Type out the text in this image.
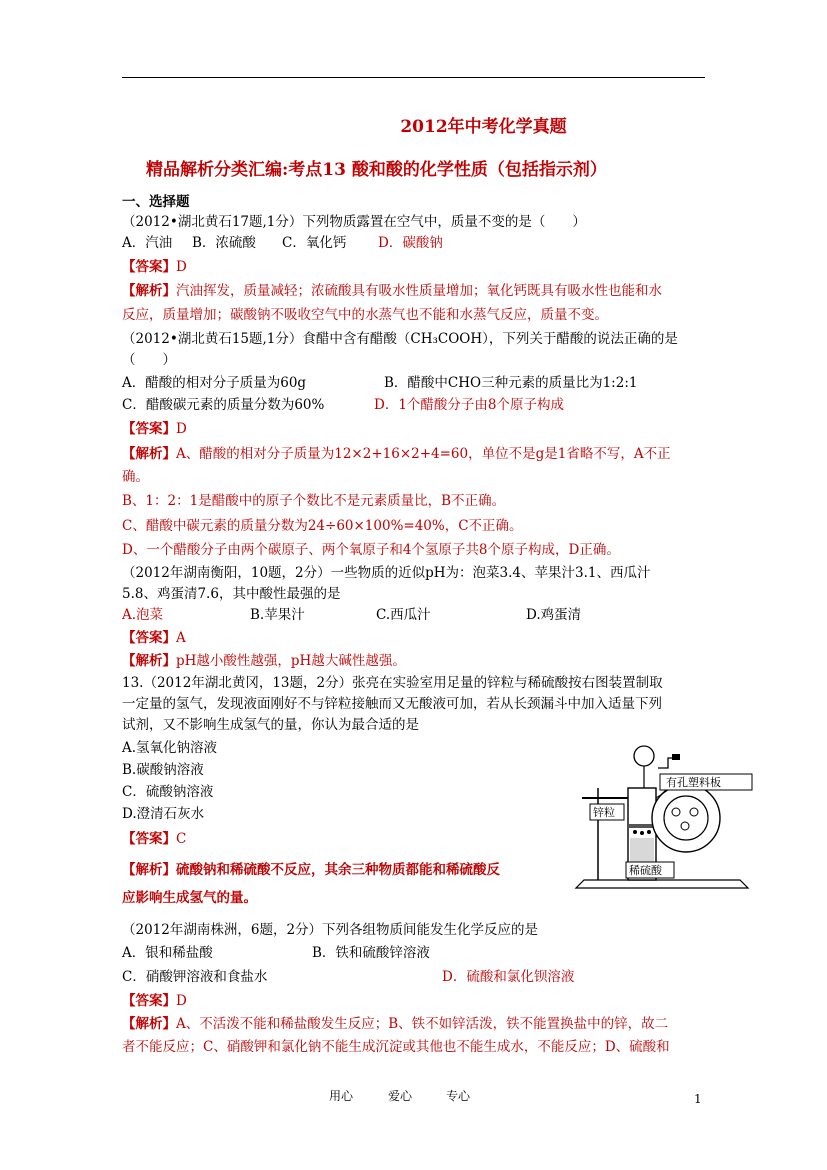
2012年中考化学真题
精品解析分类汇编:考点13 酸和酸的化学性质（包括指示剂）
一、选择题
（2012•湖北黄石17题,1分）下列物质露置在空气中，质量不变的是（　　）
A．汽油 B．浓硫酸 C．氧化钙 D．碳酸钠
【答案】D
【解析】汽油挥发，质量减轻；浓硫酸具有吸水性质量增加；氧化钙既具有吸水性也能和水
反应，质量增加；碳酸钠不吸收空气中的水蒸气也不能和水蒸气反应，质量不变。
（2012•湖北黄石15题,1分）食醋中含有醋酸（CH₃COOH），下列关于醋酸的说法正确的是
（　　）
A．醋酸的相对分子质量为60g	B．醋酸中CHO三种元素的质量比为1:2:1
C．醋酸碳元素的质量分数为60%	D．1个醋酸分子由8个原子构成
【答案】D
【解析】A、醋酸的相对分子质量为12×2+16×2+4=60，单位不是g是1省略不写，A不正
确。
B、1：2：1是醋酸中的原子个数比不是元素质量比，B不正确。
C、醋酸中碳元素的质量分数为24÷60×100%=40%，C不正确。
D、一个醋酸分子由两个碳原子、两个氧原子和4个氢原子共8个原子构成，D正确。
（2012年湖南衡阳，10题，2分）一些物质的近似pH为：泡菜3.4、苹果汁3.1、西瓜汁
5.8、鸡蛋清7.6，其中酸性最强的是
A.泡菜	B.苹果汁	C.西瓜汁	D.鸡蛋清
【答案】A
【解析】pH越小酸性越强，pH越大碱性越强。
13.（2012年湖北黄冈，13题，2分）张亮在实验室用足量的锌粒与稀硫酸按右图装置制取
一定量的氢气，发现液面刚好不与锌粒接触而又无酸液可加，若从长颈漏斗中加入适量下列
试剂，又不影响生成氢气的量，你认为最合适的是
A.氢氧化钠溶液
B.碳酸钠溶液
C．硫酸钠溶液
D.澄清石灰水
【答案】C
【解析】硫酸钠和稀硫酸不反应，其余三种物质都能和稀硫酸反
应影响生成氢气的量。
有孔塑料板
锌粒
稀硫酸
（2012年湖南株洲，6题，2分）下列各组物质间能发生化学反应的是
A．银和稀盐酸	B．铁和硫酸锌溶液
C．硝酸钾溶液和食盐水	D．硫酸和氯化钡溶液
【答案】D
【解析】A、不活泼不能和稀盐酸发生反应；B、铁不如锌活泼，铁不能置换盐中的锌，故二
者不能反应；C、硝酸钾和氯化钠不能生成沉淀或其他也不能生成水，不能反应；D、硫酸和
用心	爱心	专心	1
